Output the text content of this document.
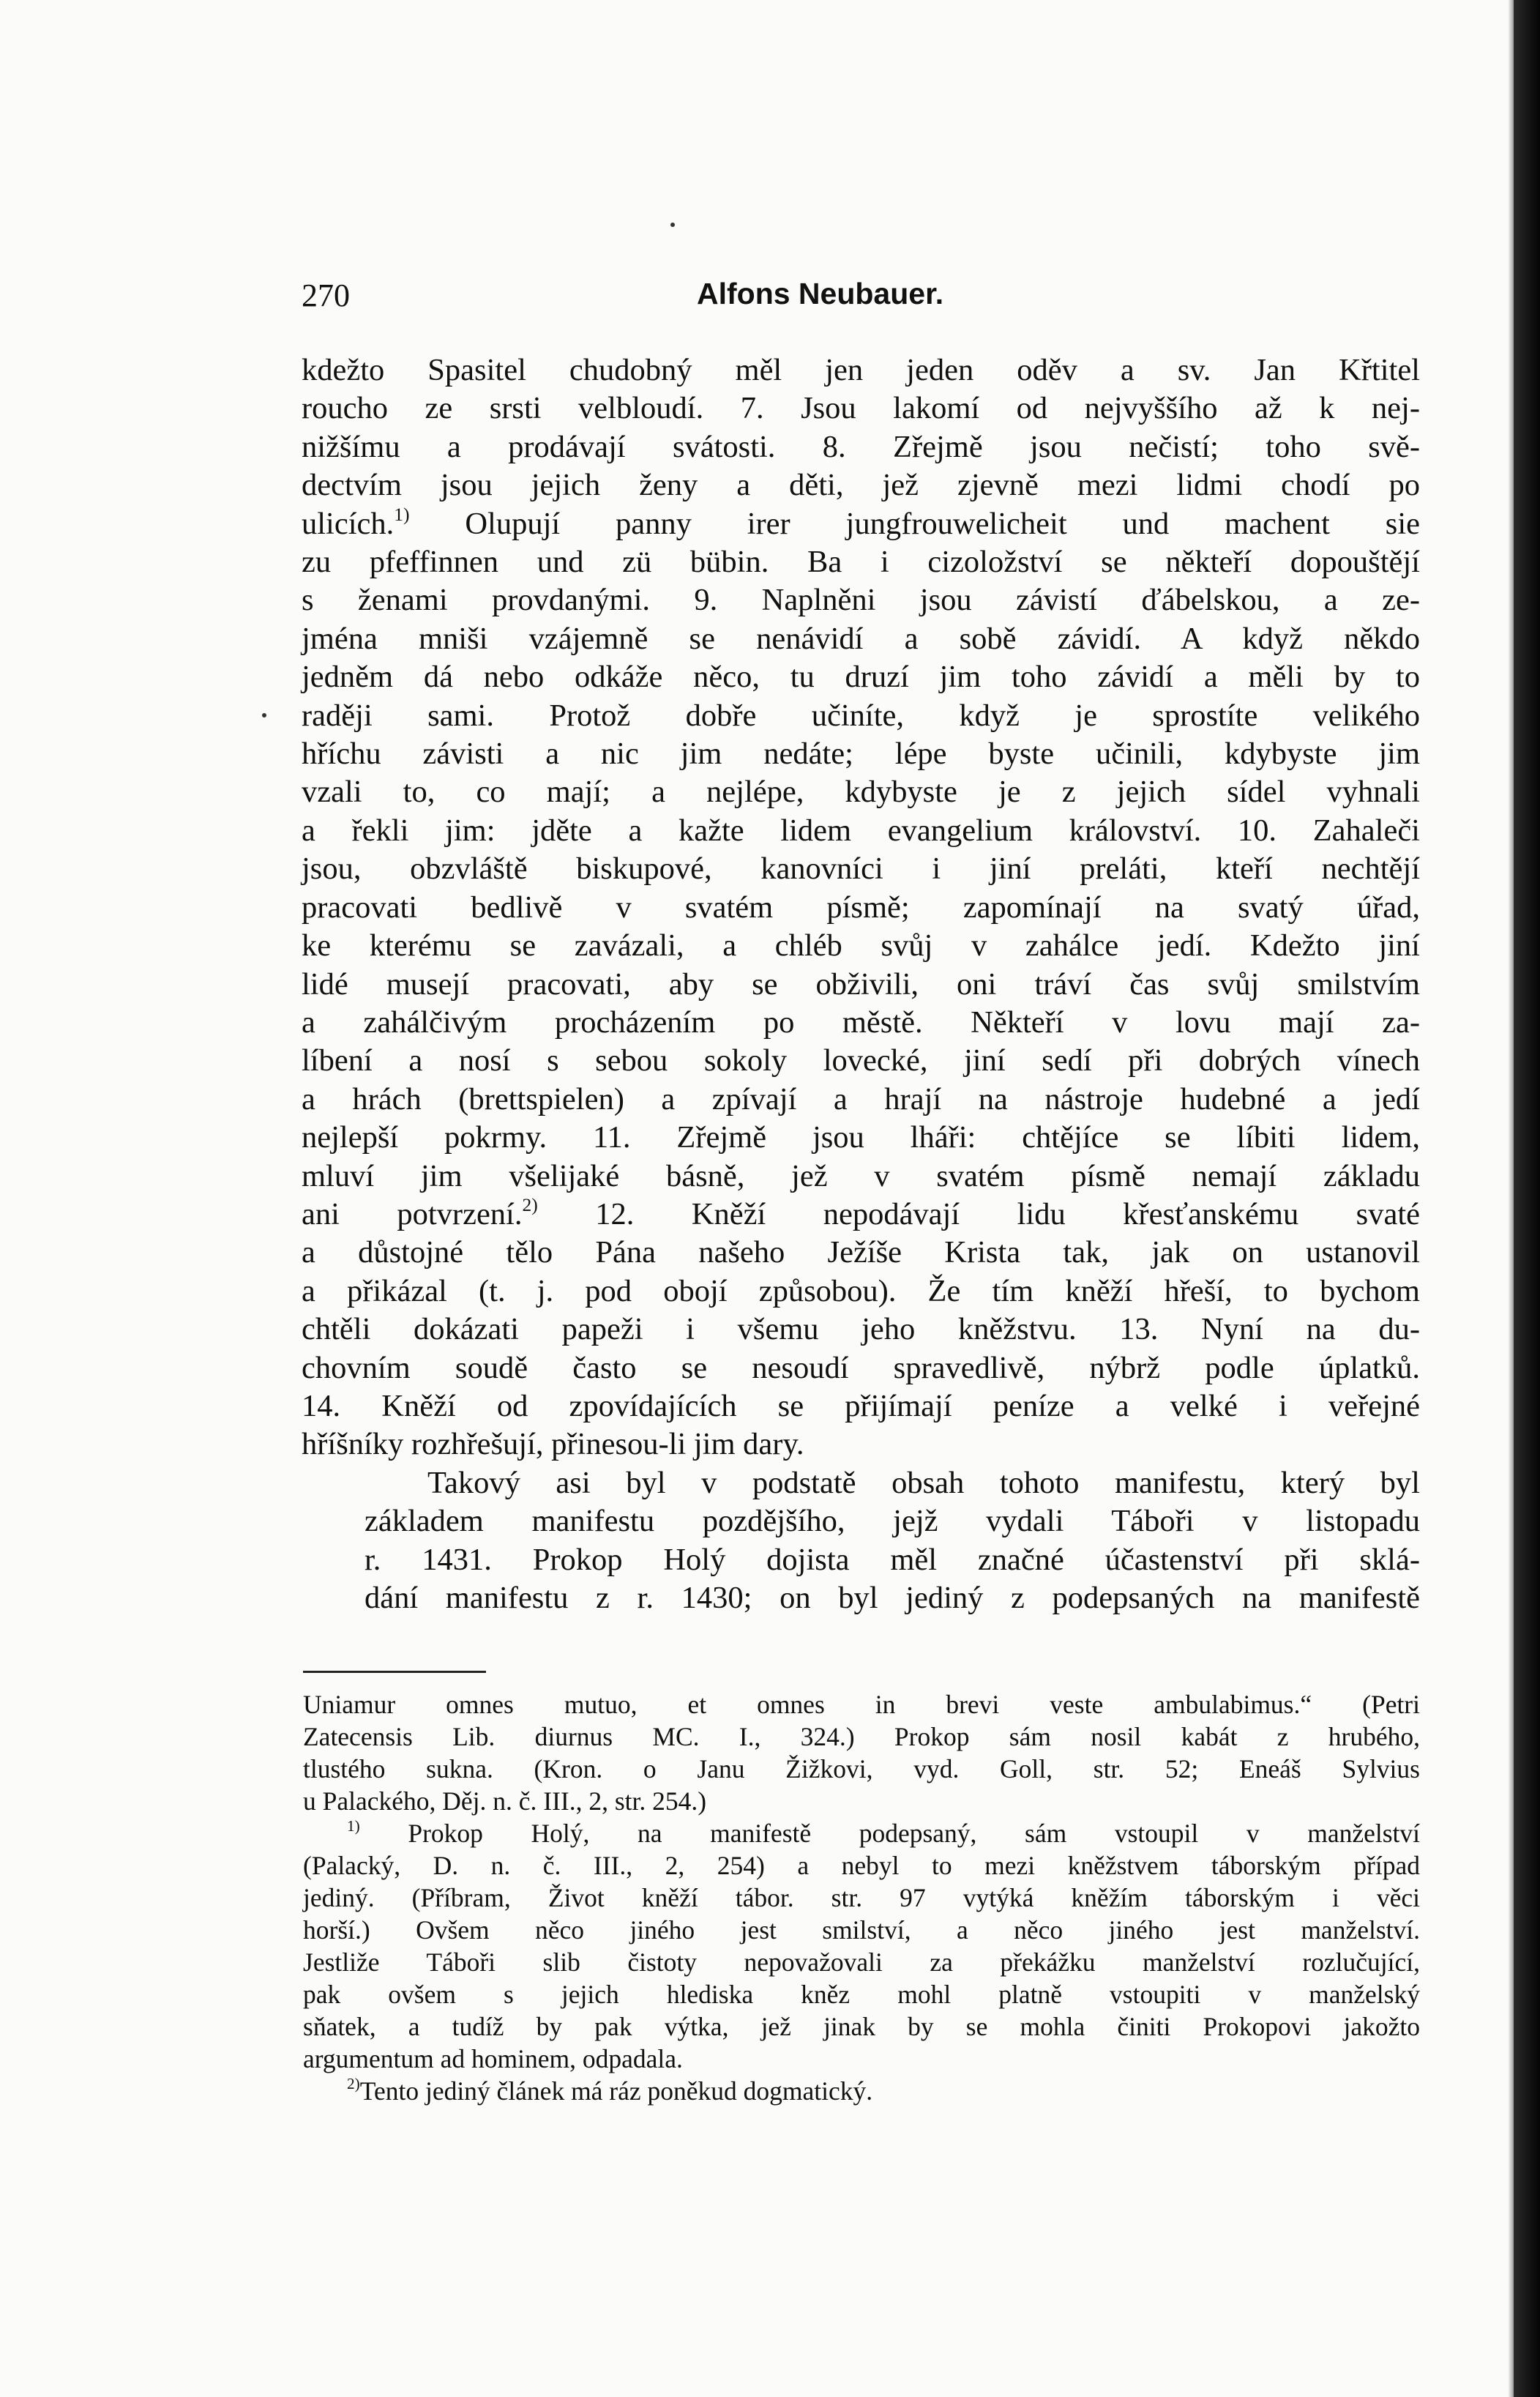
270	Alfons Neubauer.

kdežto Spasitel chudobný měl jen jeden oděv a sv. Jan Křtitel
roucho ze srsti velbloudí. 7. Jsou lakomí od nejvyššího až k nej-
nižšímu a prodávají svátosti. 8. Zřejmě jsou nečistí; toho svě-
dectvím jsou jejich ženy a děti, jež zjevně mezi lidmi chodí po
ulicích.$^{1)}$ Olupují panny irer jungfrouwelicheit und machent sie
zu pfeffinnen und zü bübin. Ba i cizoložství se někteří dopouštějí
s ženami provdanými. 9. Naplněni jsou závistí ďábelskou, a ze-
jména mniši vzájemně se nenávidí a sobě závidí. A když někdo
jedněm dá nebo odkáže něco, tu druzí jim toho závidí a měli by to
raději sami. Protož dobře učiníte, když je sprostíte velikého
hříchu závisti a nic jim nedáte; lépe byste učinili, kdybyste jim
vzali to, co mají; a nejlépe, kdybyste je z jejich sídel vyhnali
a řekli jim: jděte a kažte lidem evangelium království. 10. Zahaleči
jsou, obzvláště biskupové, kanovníci i jiní preláti, kteří nechtějí
pracovati bedlivě v svatém písmě; zapomínají na svatý úřad,
ke kterému se zavázali, a chléb svůj v zahálce jedí. Kdežto jiní
lidé musejí pracovati, aby se obživili, oni tráví čas svůj smilstvím
a zahálčivým procházením po městě. Někteří v lovu mají za-
líbení a nosí s sebou sokoly lovecké, jiní sedí při dobrých vínech
a hrách (brettspielen) a zpívají a hrají na nástroje hudebné a jedí
nejlepší pokrmy. 11. Zřejmě jsou lháři: chtějíce se líbiti lidem,
mluví jim všelijaké básně, jež v svatém písmě nemají základu
ani potvrzení.$^{2)}$ 12. Kněží nepodávají lidu křesťanskému svaté
a důstojné tělo Pána našeho Ježíše Krista tak, jak on ustanovil
a přikázal (t. j. pod obojí způsobou). Že tím kněží hřeší, to bychom
chtěli dokázati papeži i všemu jeho kněžstvu. 13. Nyní na du-
chovním soudě často se nesoudí spravedlivě, nýbrž podle úplatků.
14. Kněží od zpovídajících se přijímají peníze a velké i veřejné
hříšníky rozhřešují, přinesou-li jim dary.

Takový asi byl v podstatě obsah tohoto manifestu, který byl
základem manifestu pozdějšího, jejž vydali Táboři v listopadu
r. 1431. Prokop Holý dojista měl značné účastenství při sklá-
dání manifestu z r. 1430; on byl jediný z podepsaných na manifestě

Uniamur omnes mutuo, et omnes in brevi veste ambulabimus.“ (Petri
Zatecensis Lib. diurnus MC. I., 324.) Prokop sám nosil kabát z hrubého,
tlustého sukna. (Kron. o Janu Žižkovi, vyd. Goll, str. 52; Eneáš Sylvius
u Palackého, Děj. n. č. III., 2, str. 254.)

$^{1)}$ Prokop Holý, na manifestě podepsaný, sám vstoupil v manželství
(Palacký, D. n. č. III., 2, 254) a nebyl to mezi kněžstvem táborským případ
jediný. (Příbram, Život kněží tábor. str. 97 vytýká kněžím táborským i věci
horší.) Ovšem něco jiného jest smilství, a něco jiného jest manželství.
Jestliže Táboři slib čistoty nepovažovali za překážku manželství rozlučující,
pak ovšem s jejich hlediska kněz mohl platně vstoupiti v manželský
sňatek, a tudíž by pak výtka, jež jinak by se mohla činiti Prokopovi jakožto
argumentum ad hominem, odpadala.

$^{2)}$Tento jediný článek má ráz poněkud dogmatický.
